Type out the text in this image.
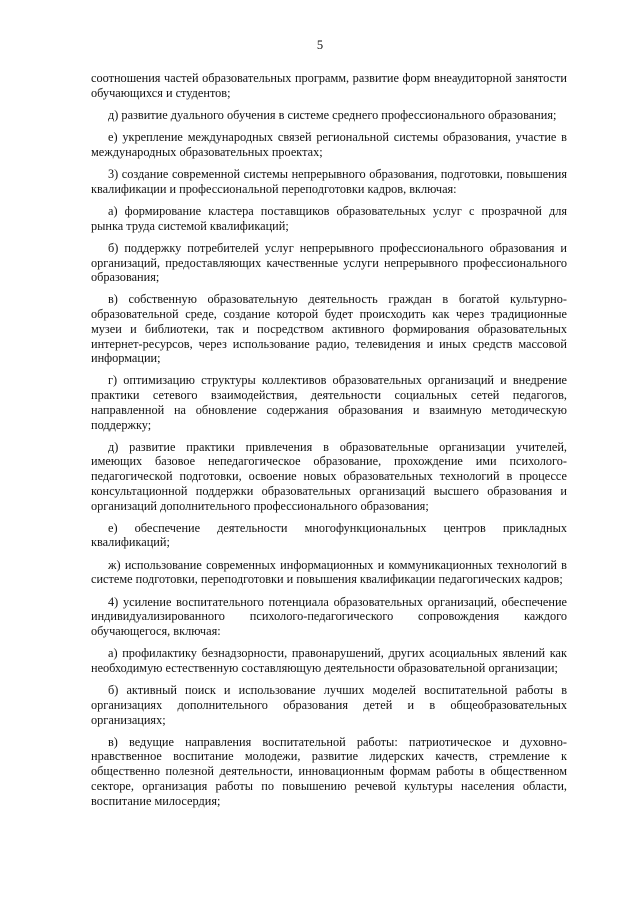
5

соотношения частей образовательных программ, развитие форм внеаудиторной занятости обучающихся и студентов;

д) развитие дуального обучения в системе среднего профессионального образования;

е) укрепление международных связей региональной системы образования, участие в международных образовательных проектах;

3) создание современной системы непрерывного образования, подготовки, повышения квалификации и профессиональной переподготовки кадров, включая:

а) формирование кластера поставщиков образовательных услуг с прозрачной для рынка труда системой квалификаций;

б) поддержку потребителей услуг непрерывного профессионального образования и организаций, предоставляющих качественные услуги непрерывного профессионального образования;

в) собственную образовательную деятельность граждан в богатой культурно-образовательной среде, создание которой будет происходить как через традиционные музеи и библиотеки, так и посредством активного формирования образовательных интернет-ресурсов, через использование радио, телевидения и иных средств массовой информации;

г) оптимизацию структуры коллективов образовательных организаций и внедрение практики сетевого взаимодействия, деятельности социальных сетей педагогов, направленной на обновление содержания образования и взаимную методическую поддержку;

д) развитие практики привлечения в образовательные организации учителей, имеющих базовое непедагогическое образование, прохождение ими психолого-педагогической подготовки, освоение новых образовательных технологий в процессе консультационной поддержки образовательных организаций высшего образования и организаций дополнительного профессионального образования;

е) обеспечение деятельности многофункциональных центров прикладных квалификаций;

ж) использование современных информационных и коммуникационных технологий в системе подготовки, переподготовки и повышения квалификации педагогических кадров;

4) усиление воспитательного потенциала образовательных организаций, обеспечение индивидуализированного психолого-педагогического сопровождения каждого обучающегося, включая:

а) профилактику безнадзорности, правонарушений, других асоциальных явлений как необходимую естественную составляющую деятельности образовательной организации;

б) активный поиск и использование лучших моделей воспитательной работы в организациях дополнительного образования детей и в общеобразовательных организациях;

в) ведущие направления воспитательной работы: патриотическое и духовно-нравственное воспитание молодежи, развитие лидерских качеств, стремление к общественно полезной деятельности, инновационным формам работы в общественном секторе, организация работы по повышению речевой культуры населения области, воспитание милосердия;
